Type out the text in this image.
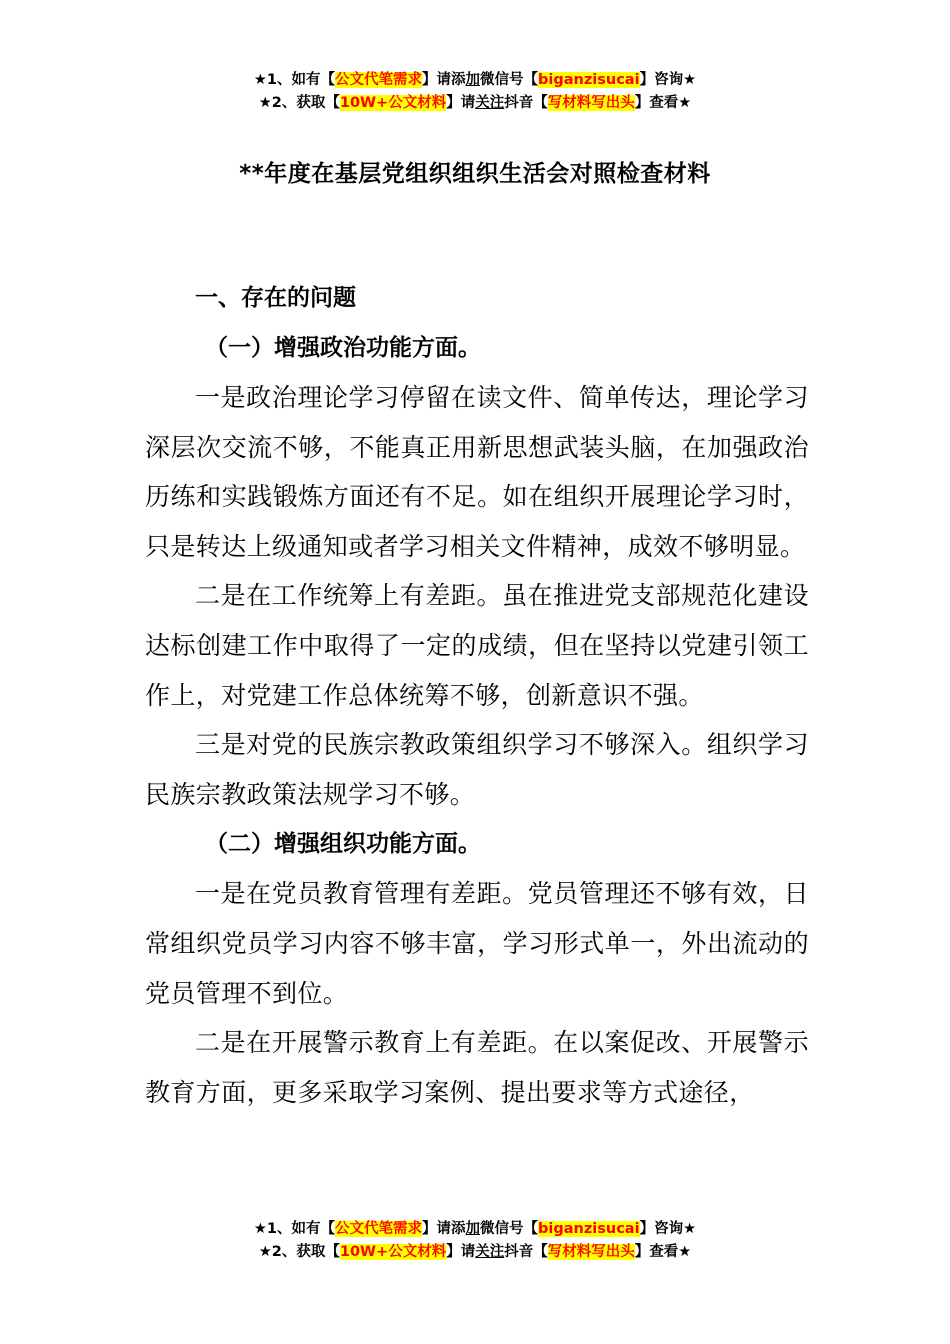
★1、如有【公文代笔需求】请添加微信号【biganzisucai】咨询★
★2、获取【10W+公文材料】请关注抖音【写材料写出头】查看★
**年度在基层党组织组织生活会对照检查材料
一、存在的问题
（一）增强政治功能方面。

一是政治理论学习停留在读文件、简单传达，理论学习深层次交流不够，不能真正用新思想武装头脑，在加强政治历练和实践锻炼方面还有不足。如在组织开展理论学习时，只是转达上级通知或者学习相关文件精神，成效不够明显。

二是在工作统筹上有差距。虽在推进党支部规范化建设达标创建工作中取得了一定的成绩，但在坚持以党建引领工作上，对党建工作总体统筹不够，创新意识不强。

三是对党的民族宗教政策组织学习不够深入。组织学习民族宗教政策法规学习不够。

（二）增强组织功能方面。

一是在党员教育管理有差距。党员管理还不够有效，日常组织党员学习内容不够丰富，学习形式单一，外出流动的党员管理不到位。

二是在开展警示教育上有差距。在以案促改、开展警示教育方面，更多采取学习案例、提出要求等方式途径，

★1、如有【公文代笔需求】请添加微信号【biganzisucai】咨询★
★2、获取【10W+公文材料】请关注抖音【写材料写出头】查看★
